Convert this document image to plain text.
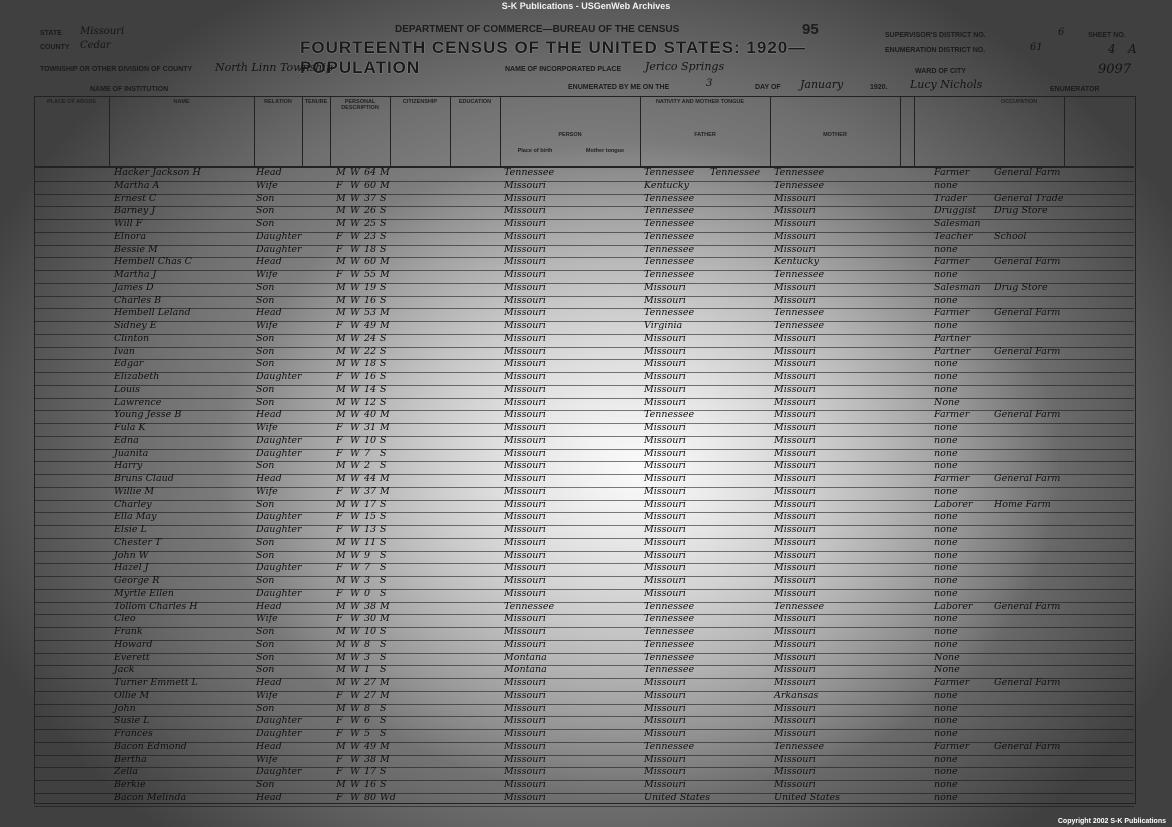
S-K Publications - USGenWeb Archives
DEPARTMENT OF COMMERCE—BUREAU OF THE CENSUS	95
FOURTEENTH CENSUS OF THE UNITED STATES: 1920—POPULATION
STATE Missouri
COUNTY Cedar
TOWNSHIP OR OTHER DIVISION OF COUNTY North Linn Township	NAME OF INCORPORATED PLACE Jerico Springs
NAME OF INSTITUTION	ENUMERATED BY ME ON THE	3	DAY OF January	1920. Lucy Nichols	ENUMERATOR
SUPERVISOR'S DISTRICT NO.	6
ENUMERATION DISTRICT NO.	61
SHEET NO.
4 A
WARD OF CITY	9097
PLACE OF ABODE	NAME	RELATION	TENURE	PERSONAL DESCRIPTION
CITIZENSHIP	EDUCATION	NATIVITY AND MOTHER TONGUE
PERSON	FATHER	MOTHER
Place of birth	Mother tongue
OCCUPATION
Hacker Jackson H	Head	M W 64 M	Tennessee	Tennessee	Tennessee	Tennessee	Farmer	General Farm
Martha A	Wife	F W 60 M	Missouri	Kentucky	Tennessee	none
Ernest C	Son	M W 37 S	Missouri	Tennessee	Missouri	Trader	General Trade
Barney J	Son	M W 26 S	Missouri	Tennessee	Missouri	Druggist	Drug Store
Will F	Son	M W 25 S	Missouri	Tennessee	Missouri	Salesman
Elnora	Daughter	F W 23 S	Missouri	Tennessee	Missouri	Teacher	School
Bessie M	Daughter	F W 18 S	Missouri	Tennessee	Missouri	none
Hembell Chas C	Head	M W 60 M	Missouri	Tennessee	Kentucky	Farmer	General Farm
Martha J	Wife	F W 55 M	Missouri	Tennessee	Tennessee	none
James D	Son	M W 19 S	Missouri	Missouri	Missouri	Salesman	Drug Store
Charles B	Son	M W 16 S	Missouri	Missouri	Missouri	none
Hembell Leland	Head	M W 53 M	Missouri	Tennessee	Tennessee	Farmer	General Farm
Sidney E	Wife	F W 49 M	Missouri	Virginia	Tennessee	none
Clinton	Son	M W 24 S	Missouri	Missouri	Missouri	Partner
Ivan	Son	M W 22 S	Missouri	Missouri	Missouri	Partner	General Farm
Edgar	Son	M W 18 S	Missouri	Missouri	Missouri	none
Elizabeth	Daughter	F W 16 S	Missouri	Missouri	Missouri	none
Louis	Son	M W 14 S	Missouri	Missouri	Missouri	none
Lawrence	Son	M W 12 S	Missouri	Missouri	Missouri	None
Young Jesse B	Head	M W 40 M	Missouri	Tennessee	Missouri	Farmer	General Farm
Fula K	Wife	F W 31 M	Missouri	Missouri	Missouri	none
Edna	Daughter	F W 10 S	Missouri	Missouri	Missouri	none
Juanita	Daughter	F W 7	S	Missouri	Missouri	Missouri	none
Harry	Son	M W 2	S	Missouri	Missouri	Missouri	none
Bruns Claud	Head	M W 44 M	Missouri	Missouri	Missouri	Farmer	General Farm
Willie M	Wife	F W 37 M	Missouri	Missouri	Missouri	none
Charley	Son	M W 17 S	Missouri	Missouri	Missouri	Laborer	Home Farm
Ella May	Daughter	F W 15 S	Missouri	Missouri	Missouri	none
Elsie L	Daughter	F W 13 S	Missouri	Missouri	Missouri	none
Chester T	Son	M W 11 S	Missouri	Missouri	Missouri	none
John W	Son	M W 9	S	Missouri	Missouri	Missouri	none
Hazel J	Daughter	F W 7	S	Missouri	Missouri	Missouri	none
George R	Son	M W 3	S	Missouri	Missouri	Missouri	none
Myrtle Ellen	Daughter	F W 0	S	Missouri	Missouri	Missouri	none
Tollom Charles H	Head	M W 38 M	Tennessee	Tennessee	Tennessee	Laborer	General Farm
Cleo	Wife	F W 30 M	Missouri	Tennessee	Missouri	none
Frank	Son	M W 10 S	Missouri	Tennessee	Missouri	none
Howard	Son	M W 8	S	Missouri	Tennessee	Missouri	none
Everett	Son	M W 3	S	Montana	Tennessee	Missouri	None
Jack	Son	M W 1	S	Montana	Tennessee	Missouri	None
Turner Emmett L	Head	M W 27 M	Missouri	Missouri	Missouri	Farmer	General Farm
Ollie M	Wife	F W 27 M	Missouri	Missouri	Arkansas	none
John	Son	M W 8	S	Missouri	Missouri	Missouri	none
Susie L	Daughter	F W 6	S	Missouri	Missouri	Missouri	none
Frances	Daughter	F W 5	S	Missouri	Missouri	Missouri	none
Bacon Edmond	Head	M W 49 M	Missouri	Tennessee	Tennessee	Farmer	General Farm
Bertha	Wife	F W 38 M	Missouri	Missouri	Missouri	none
Zella	Daughter	F W 17 S	Missouri	Missouri	Missouri	none
Berkie	Son	M W 16 S	Missouri	Missouri	Missouri	none
Bacon Melinda	Head	F W 80 Wd	Missouri	United States	United States	none
Copyright 2002 S-K Publications
